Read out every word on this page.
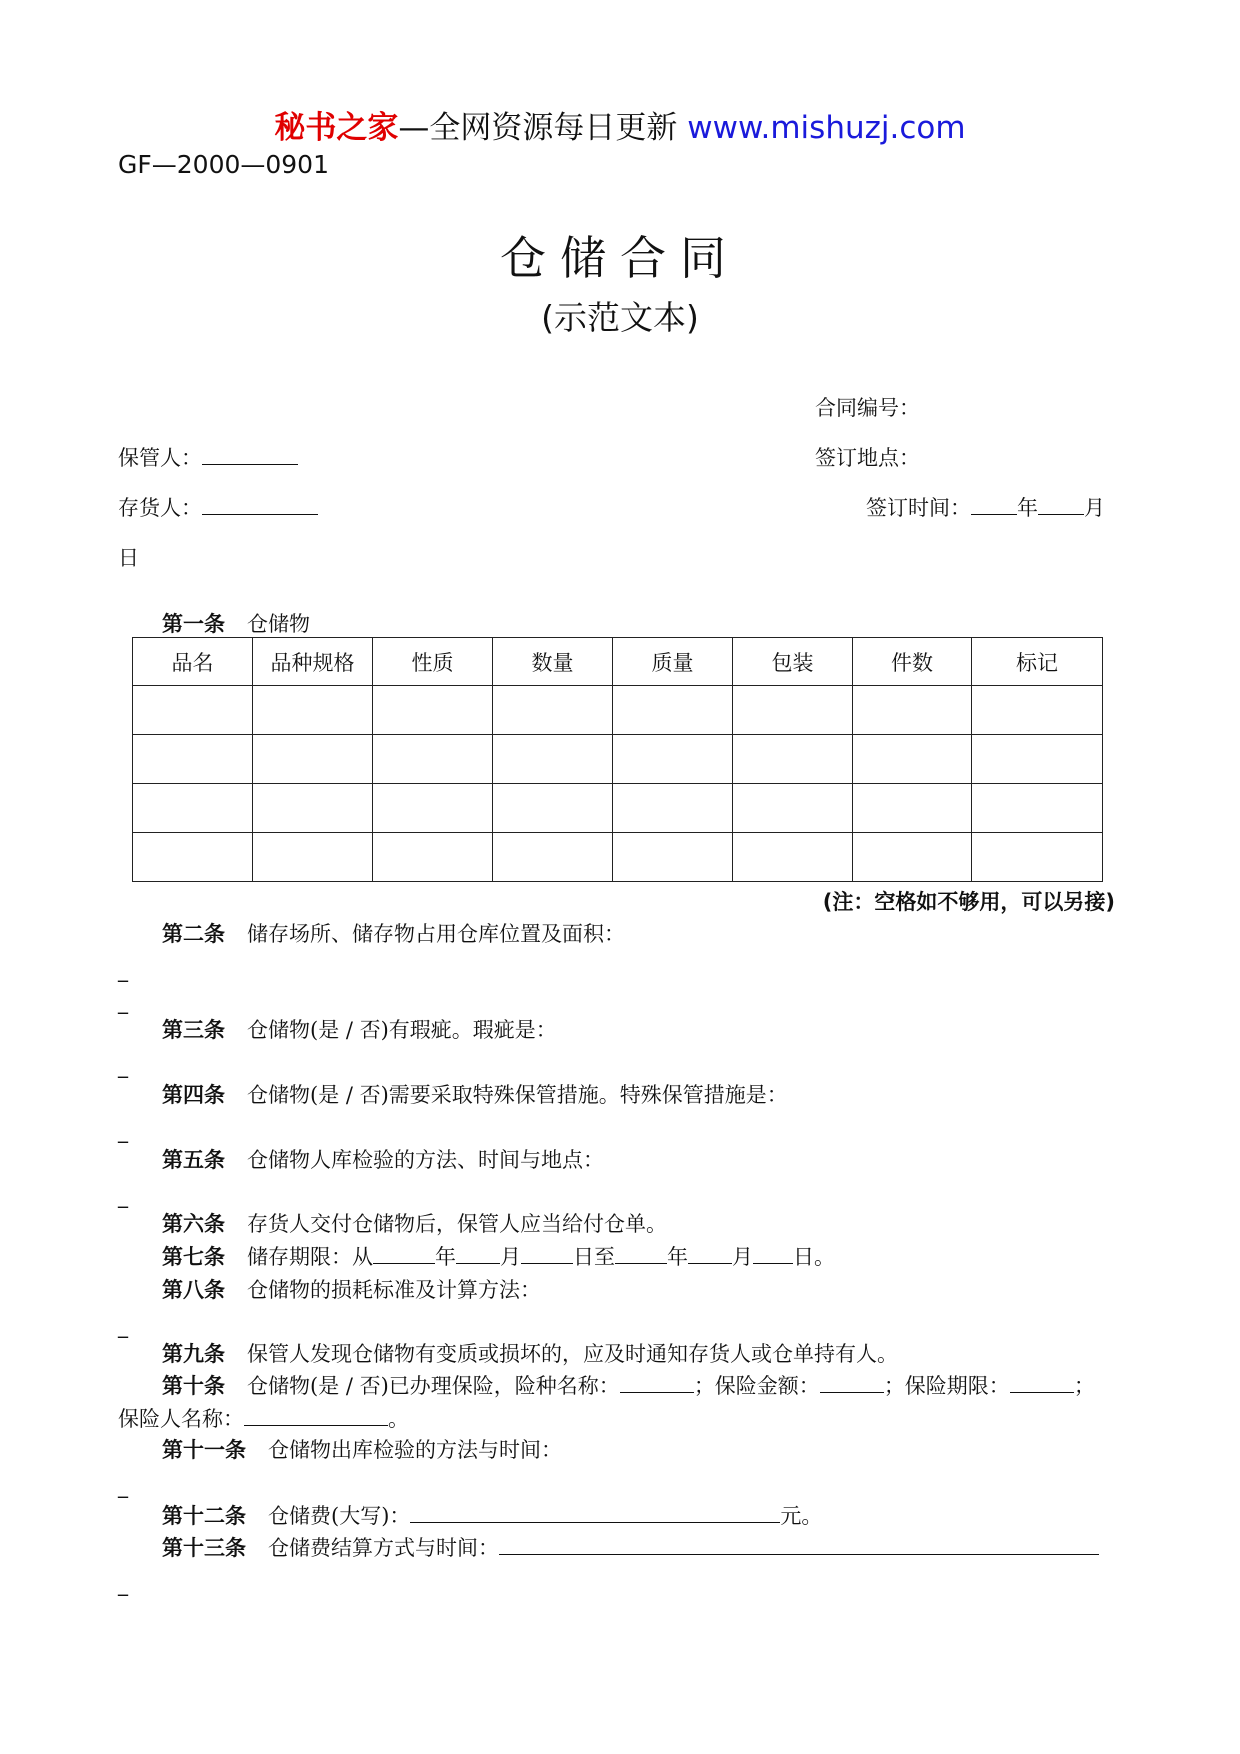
秘书之家—全网资源每日更新 www.mishuzj.com
GF—2000—0901
仓储合同
(示范文本)
合同编号：
保管人：	签订地点：
存货人：	签订时间： 年 月
日
第一条 仓储物
品名	品种规格	性质	数量	质量	包装	件数	标记

(注：空格如不够用，可以另接)
第二条 储存场所、储存物占用仓库位置及面积：
_
_
第三条 仓储物(是 / 否)有瑕疵。瑕疵是：
_
第四条 仓储物(是 / 否)需要采取特殊保管措施。特殊保管措施是：
_
第五条 仓储物人库检验的方法、时间与地点：
_
第六条 存货人交付仓储物后，保管人应当给付仓单。
第七条 储存期限：从	年 月 日至 年 月 日。
第八条 仓储物的损耗标准及计算方法：
_
第九条 保管人发现仓储物有变质或损坏的，应及时通知存货人或仓单持有人。
第十条 仓储物(是 / 否)已办理保险，险种名称：	；保险金额：	；保险期限：	；
保险人名称：	。
第十一条 仓储物出库检验的方法与时间：
_
第十二条 仓储费(大写)：	元。
第十三条 仓储费结算方式与时间：
_
